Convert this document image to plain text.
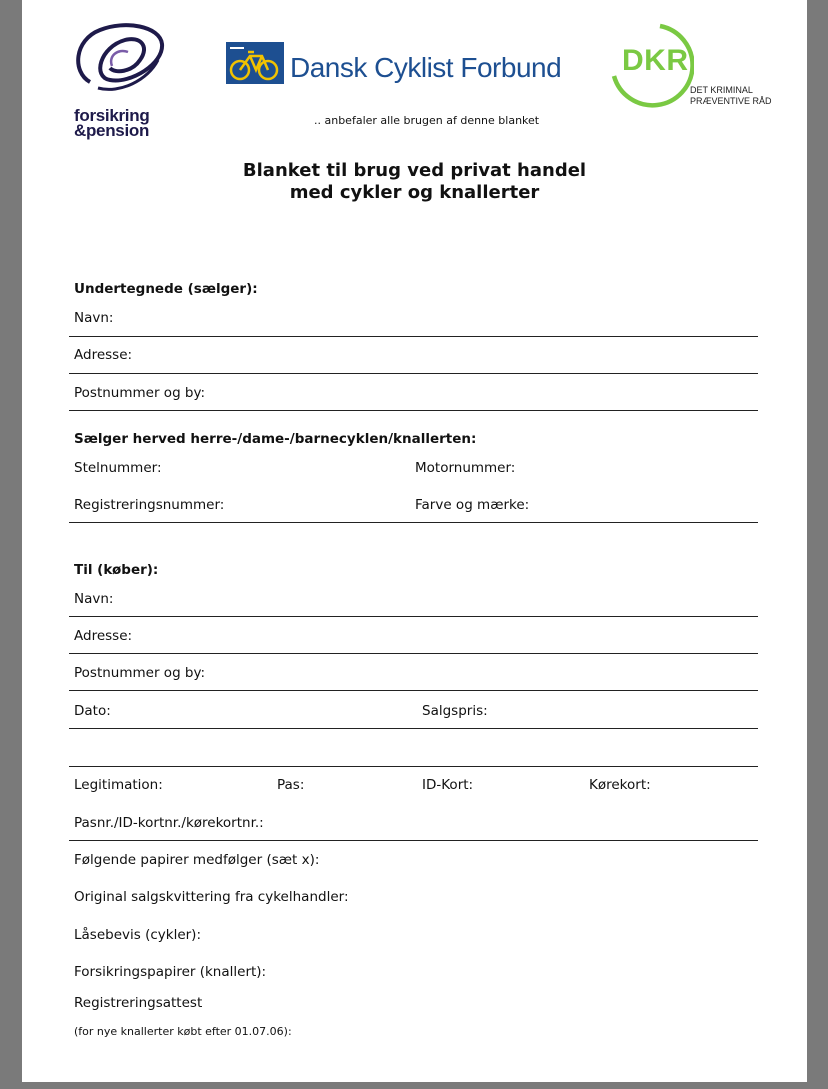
forsikring
&pension
Dansk Cyklist Forbund DKR
DET KRIMINAL
PRÆVENTIVE RÅD
.. anbefaler alle brugen af denne blanket
Blanket til brug ved privat handel
med cykler og knallerter
Undertegnede (sælger):
Navn:
Adresse:
Postnummer og by:
Sælger herved herre-/dame-/barnecyklen/knallerten:
Stelnummer:	Motornummer:
Registreringsnummer:	Farve og mærke:
Til (køber):
Navn:
Adresse:
Postnummer og by:
Dato:	Salgspris:
Legitimation:	Pas:	ID-Kort:	Kørekort:
Pasnr./ID-kortnr./kørekortnr.:
Følgende papirer medfølger (sæt x):
Original salgskvittering fra cykelhandler:
Låsebevis (cykler):
Forsikringspapirer (knallert):
Registreringsattest
(for nye knallerter købt efter 01.07.06):
